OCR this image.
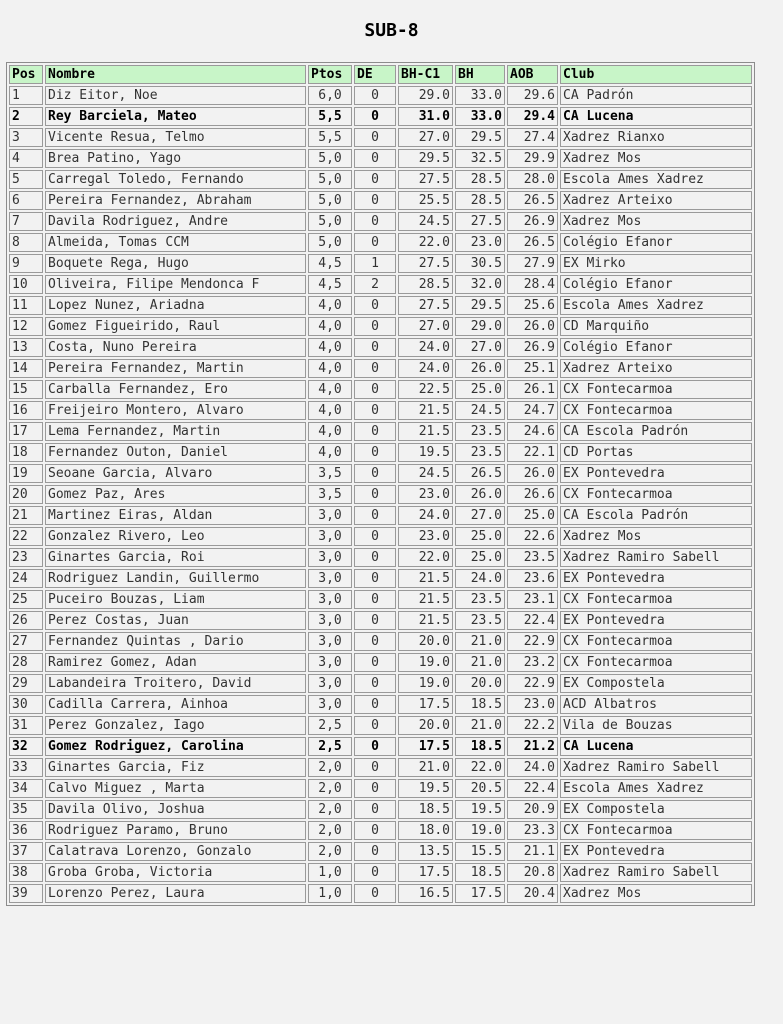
SUB-8
Pos	Nombre	Ptos	DE	BH-C1	BH	AOB	Club
1	Diz Eitor, Noe	6,0	0	29.0	33.0	29.6	CA Padrón
2	Rey Barciela, Mateo	5,5	0	31.0	33.0	29.4	CA Lucena
3	Vicente Resua, Telmo	5,5	0	27.0	29.5	27.4	Xadrez Rianxo
4	Brea Patino, Yago	5,0	0	29.5	32.5	29.9	Xadrez Mos
5	Carregal Toledo, Fernando	5,0	0	27.5	28.5	28.0	Escola Ames Xadrez
6	Pereira Fernandez, Abraham	5,0	0	25.5	28.5	26.5	Xadrez Arteixo
7	Davila Rodriguez, Andre	5,0	0	24.5	27.5	26.9	Xadrez Mos
8	Almeida, Tomas CCM	5,0	0	22.0	23.0	26.5	Colégio Efanor
9	Boquete Rega, Hugo	4,5	1	27.5	30.5	27.9	EX Mirko
10	Oliveira, Filipe Mendonca F	4,5	2	28.5	32.0	28.4	Colégio Efanor
11	Lopez Nunez, Ariadna	4,0	0	27.5	29.5	25.6	Escola Ames Xadrez
12	Gomez Figueirido, Raul	4,0	0	27.0	29.0	26.0	CD Marquiño
13	Costa, Nuno Pereira	4,0	0	24.0	27.0	26.9	Colégio Efanor
14	Pereira Fernandez, Martin	4,0	0	24.0	26.0	25.1	Xadrez Arteixo
15	Carballa Fernandez, Ero	4,0	0	22.5	25.0	26.1	CX Fontecarmoa
16	Freijeiro Montero, Alvaro	4,0	0	21.5	24.5	24.7	CX Fontecarmoa
17	Lema Fernandez, Martin	4,0	0	21.5	23.5	24.6	CA Escola Padrón
18	Fernandez Outon, Daniel	4,0	0	19.5	23.5	22.1	CD Portas
19	Seoane Garcia, Alvaro	3,5	0	24.5	26.5	26.0	EX Pontevedra
20	Gomez Paz, Ares	3,5	0	23.0	26.0	26.6	CX Fontecarmoa
21	Martinez Eiras, Aldan	3,0	0	24.0	27.0	25.0	CA Escola Padrón
22	Gonzalez Rivero, Leo	3,0	0	23.0	25.0	22.6	Xadrez Mos
23	Ginartes Garcia, Roi	3,0	0	22.0	25.0	23.5	Xadrez Ramiro Sabell
24	Rodriguez Landin, Guillermo	3,0	0	21.5	24.0	23.6	EX Pontevedra
25	Puceiro Bouzas, Liam	3,0	0	21.5	23.5	23.1	CX Fontecarmoa
26	Perez Costas, Juan	3,0	0	21.5	23.5	22.4	EX Pontevedra
27	Fernandez Quintas , Dario	3,0	0	20.0	21.0	22.9	CX Fontecarmoa
28	Ramirez Gomez, Adan	3,0	0	19.0	21.0	23.2	CX Fontecarmoa
29	Labandeira Troitero, David	3,0	0	19.0	20.0	22.9	EX Compostela
30	Cadilla Carrera, Ainhoa	3,0	0	17.5	18.5	23.0	ACD Albatros
31	Perez Gonzalez, Iago	2,5	0	20.0	21.0	22.2	Vila de Bouzas
32	Gomez Rodriguez, Carolina	2,5	0	17.5	18.5	21.2	CA Lucena
33	Ginartes Garcia, Fiz	2,0	0	21.0	22.0	24.0	Xadrez Ramiro Sabell
34	Calvo Miguez , Marta	2,0	0	19.5	20.5	22.4	Escola Ames Xadrez
35	Davila Olivo, Joshua	2,0	0	18.5	19.5	20.9	EX Compostela
36	Rodriguez Paramo, Bruno	2,0	0	18.0	19.0	23.3	CX Fontecarmoa
37	Calatrava Lorenzo, Gonzalo	2,0	0	13.5	15.5	21.1	EX Pontevedra
38	Groba Groba, Victoria	1,0	0	17.5	18.5	20.8	Xadrez Ramiro Sabell
39	Lorenzo Perez, Laura	1,0	0	16.5	17.5	20.4	Xadrez Mos
